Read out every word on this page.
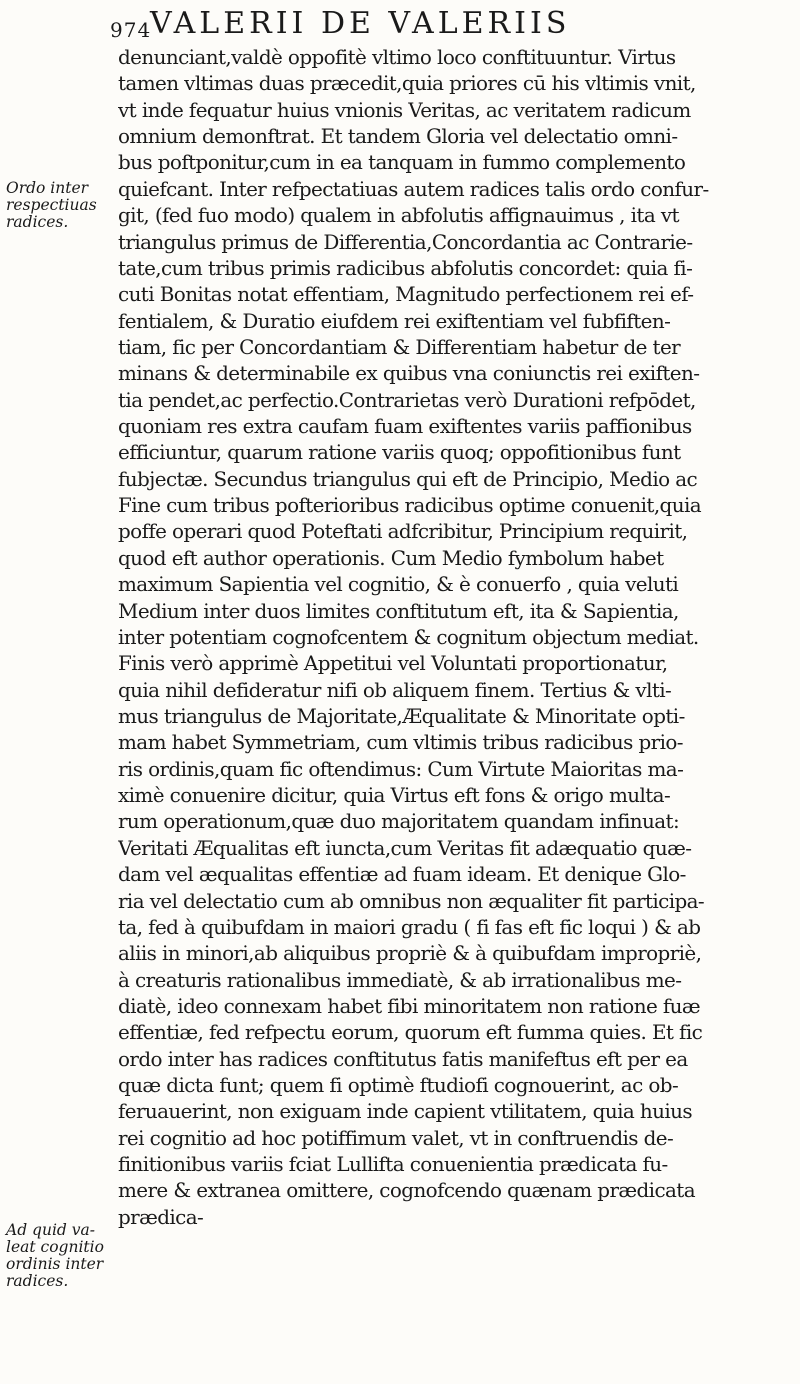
974
VALERII DE VALERIIS
Ordo inter
respectiuas
radices.
Ad quid va-
leat cognitio
ordinis inter
radices.
denunciant,valdè oppofitè vltimo loco conftituuntur. Virtus
tamen vltimas duas præcedit,quia priores cū his vltimis vnit,
vt inde fequatur huius vnionis Veritas, ac veritatem radicum
omnium demonftrat. Et tandem Gloria vel delectatio omni-
bus poftponitur,cum in ea tanquam in fummo complemento
quiefcant. Inter refpectatiuas autem radices talis ordo confur-
git, (fed fuo modo) qualem in abfolutis affignauimus , ita vt
triangulus primus de Differentia,Concordantia ac Contrarie-
tate,cum tribus primis radicibus abfolutis concordet: quia fi-
cuti Bonitas notat effentiam, Magnitudo perfectionem rei ef-
fentialem, & Duratio eiufdem rei exiftentiam vel fubfiften-
tiam, fic per Concordantiam & Differentiam habetur de ter
minans & determinabile ex quibus vna coniunctis rei exiften-
tia pendet,ac perfectio.Contrarietas verò Durationi refpōdet,
quoniam res extra caufam fuam exiftentes variis paffionibus
efficiuntur, quarum ratione variis quoq; oppofitionibus funt
fubjectæ. Secundus triangulus qui eft de Principio, Medio ac
Fine cum tribus pofterioribus radicibus optime conuenit,quia
poffe operari quod Poteftati adfcribitur, Principium requirit,
quod eft author operationis. Cum Medio fymbolum habet
maximum Sapientia vel cognitio, & è conuerfo , quia veluti
Medium inter duos limites conftitutum eft, ita & Sapientia,
inter potentiam cognofcentem & cognitum objectum mediat.
Finis verò apprimè Appetitui vel Voluntati proportionatur,
quia nihil defideratur nifi ob aliquem finem. Tertius & vlti-
mus triangulus de Majoritate,Æqualitate & Minoritate opti-
mam habet Symmetriam, cum vltimis tribus radicibus prio-
ris ordinis,quam fic oftendimus: Cum Virtute Maioritas ma-
ximè conuenire dicitur, quia Virtus eft fons & origo multa-
rum operationum,quæ duo majoritatem quandam infinuat:
Veritati Æqualitas eft iuncta,cum Veritas fit adæquatio quæ-
dam vel æqualitas effentiæ ad fuam ideam. Et denique Glo-
ria vel delectatio cum ab omnibus non æqualiter fit participa-
ta, fed à quibufdam in maiori gradu ( fi fas eft fic loqui ) & ab
aliis in minori,ab aliquibus propriè & à quibufdam impropriè,
à creaturis rationalibus immediatè, & ab irrationalibus me-
diatè, ideo connexam habet fibi minoritatem non ratione fuæ
effentiæ, fed refpectu eorum, quorum eft fumma quies. Et fic
ordo inter has radices conftitutus fatis manifeftus eft per ea
quæ dicta funt; quem fi optimè ftudiofi cognouerint, ac ob-
feruauerint, non exiguam inde capient vtilitatem, quia huius
rei cognitio ad hoc potiffimum valet, vt in conftruendis de-
finitionibus variis fciat Lullifta conuenientia prædicata fu-
mere & extranea omittere, cognofcendo quænam prædicata
prædica-
